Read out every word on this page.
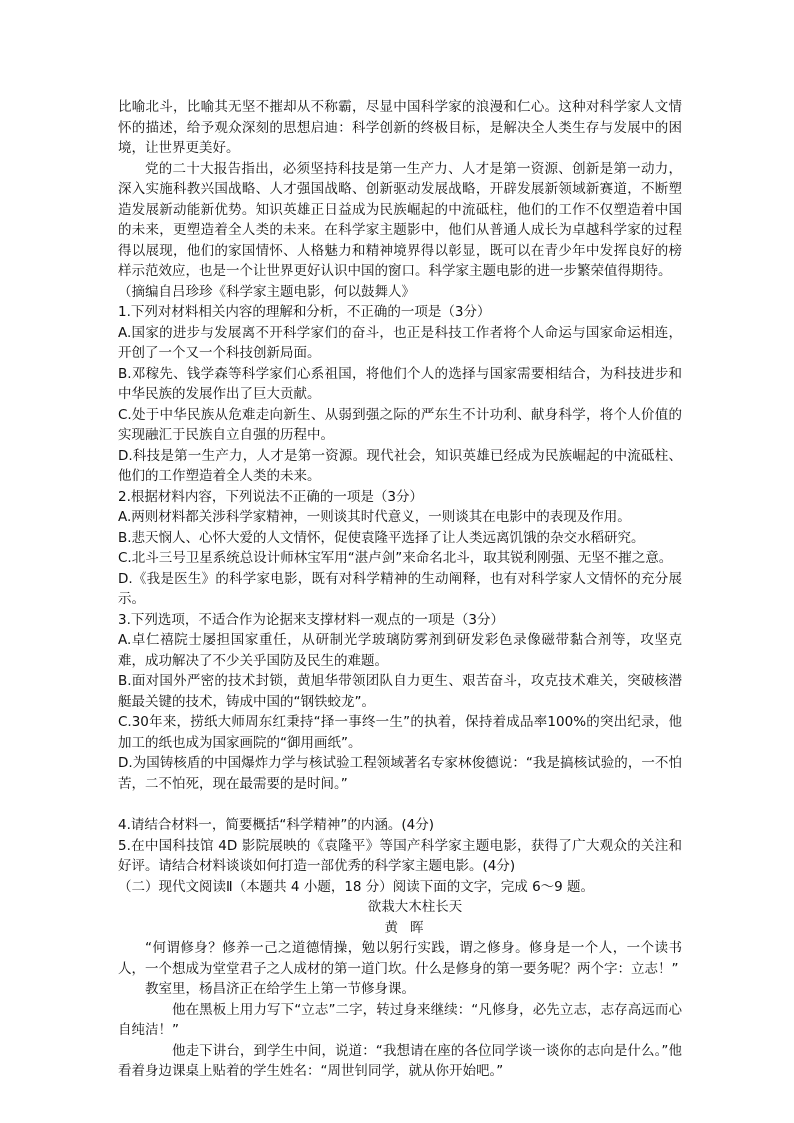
比喻北斗，比喻其无坚不摧却从不称霸，尽显中国科学家的浪漫和仁心。这种对科学家人文情怀的描述，给予观众深刻的思想启迪：科学创新的终极目标，是解决全人类生存与发展中的困境，让世界更美好。

党的二十大报告指出，必须坚持科技是第一生产力、人才是第一资源、创新是第一动力，深入实施科教兴国战略、人才强国战略、创新驱动发展战略，开辟发展新领域新赛道，不断塑造发展新动能新优势。知识英雄正日益成为民族崛起的中流砥柱，他们的工作不仅塑造着中国的未来，更塑造着全人类的未来。在科学家主题影中，他们从普通人成长为卓越科学家的过程得以展现，他们的家国情怀、人格魅力和精神境界得以彰显，既可以在青少年中发挥良好的榜样示范效应，也是一个让世界更好认识中国的窗口。科学家主题电影的进一步繁荣值得期待。

（摘编自吕珍珍《科学家主题电影，何以鼓舞人》

1.下列对材料相关内容的理解和分析，不正确的一项是（3分）

A.国家的进步与发展离不开科学家们的奋斗，也正是科技工作者将个人命运与国家命运相连，开创了一个又一个科技创新局面。

B.邓稼先、钱学森等科学家们心系祖国，将他们个人的选择与国家需要相结合，为科技进步和中华民族的发展作出了巨大贡献。

C.处于中华民族从危难走向新生、从弱到强之际的严东生不计功利、献身科学，将个人价值的实现融汇于民族自立自强的历程中。

D.科技是第一生产力，人才是第一资源。现代社会，知识英雄已经成为民族崛起的中流砥柱、他们的工作塑造着全人类的未来。

2.根据材料内容，下列说法不正确的一项是（3分）

A.两则材料都关涉科学家精神，一则谈其时代意义，一则谈其在电影中的表现及作用。

B.悲天悯人、心怀大爱的人文情怀，促使袁隆平选择了让人类远离饥饿的杂交水稻研究。

C.北斗三号卫星系统总设计师林宝军用“湛卢剑”来命名北斗，取其锐利刚强、无坚不摧之意。

D.《我是医生》的科学家电影，既有对科学精神的生动阐释，也有对科学家人文情怀的充分展示。

3.下列选项，不适合作为论据来支撑材料一观点的一项是（3分）

A.卓仁禧院士屡担国家重任，从研制光学玻璃防雾剂到研发彩色录像磁带黏合剂等，攻坚克难，成功解决了不少关乎国防及民生的难题。

B.面对国外严密的技术封锁，黄旭华带领团队自力更生、艰苦奋斗，攻克技术难关，突破核潜艇最关键的技术，铸成中国的“钢铁蛟龙”。

C.30年来，捞纸大师周东红秉持“择一事终一生”的执着，保持着成品率100%的突出纪录，他加工的纸也成为国家画院的“御用画纸”。

D.为国铸核盾的中国爆炸力学与核试验工程领域著名专家林俊德说：“我是搞核试验的，一不怕苦，二不怕死，现在最需要的是时间。”

4.请结合材料一，简要概括“科学精神”的内涵。(4分)

5.在中国科技馆 4D 影院展映的《袁隆平》等国产科学家主题电影，获得了广大观众的关注和好评。请结合材料谈谈如何打造一部优秀的科学家主题电影。(4分)

（二）现代文阅读Ⅱ（本题共 4 小题，18 分）阅读下面的文字，完成 6～9 题。

欲栽大木柱长天

黄晖

“何谓修身？修养一己之道德情操，勉以躬行实践，谓之修身。修身是一个人，一个读书人，一个想成为堂堂君子之人成材的第一道门坎。什么是修身的第一要务呢？两个字：立志！”

教室里，杨昌济正在给学生上第一节修身课。

他在黑板上用力写下“立志”二字，转过身来继续：“凡修身，必先立志，志存高远而心自纯洁！”

他走下讲台，到学生中间，说道：“我想请在座的各位同学谈一谈你的志向是什么。”他看着身边课桌上贴着的学生姓名：“周世钊同学，就从你开始吧。”
